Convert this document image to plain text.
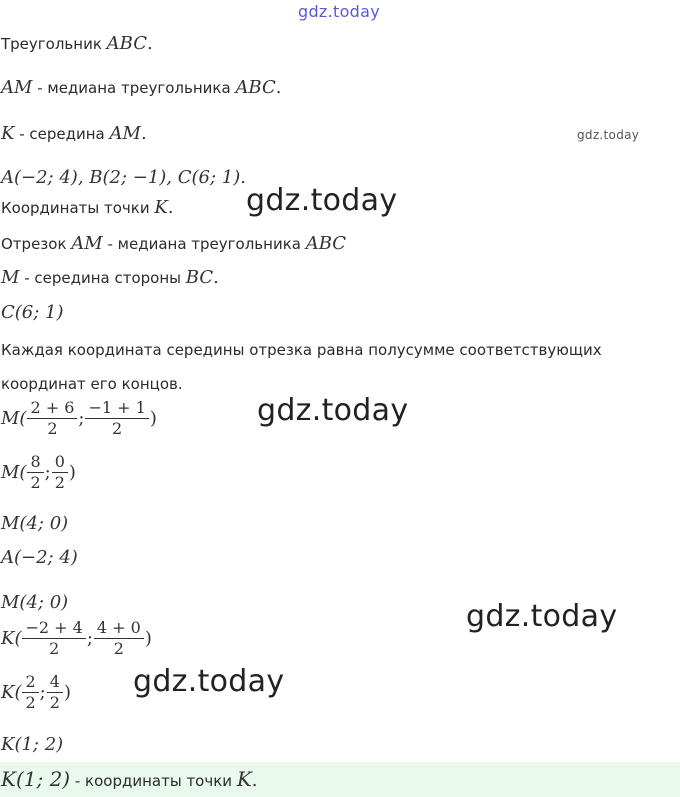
gdz.today
gdz.today
gdz.today
gdz.today
gdz.today
gdz.today
Треугольник ABC.
AM - медиана треугольника ABC.
K - середина AM.
A(−2; 4), B(2; −1), C(6; 1).
Координаты точки K.
Отрезок AM - медиана треугольника ABC
M - середина стороны BC.
C(6; 1)
Каждая координата середины отрезка равна полусумме соответствующих
координат его концов.
$M( \frac{2 + 6}{2}$ ; $\frac{-1 + 1}{2}$ )
$M( \frac{8}{2}$ ; $\frac{0}{2}$ )
M(4; 0)
A(−2; 4)
M(4; 0)
$K( \frac{-2 + 4}{2}$ ; $\frac{4 + 0}{2}$ )
$K( \frac{2}{2}$ ; $\frac{4}{2}$ )
K(1; 2)
K(1; 2) - координаты точки K.
